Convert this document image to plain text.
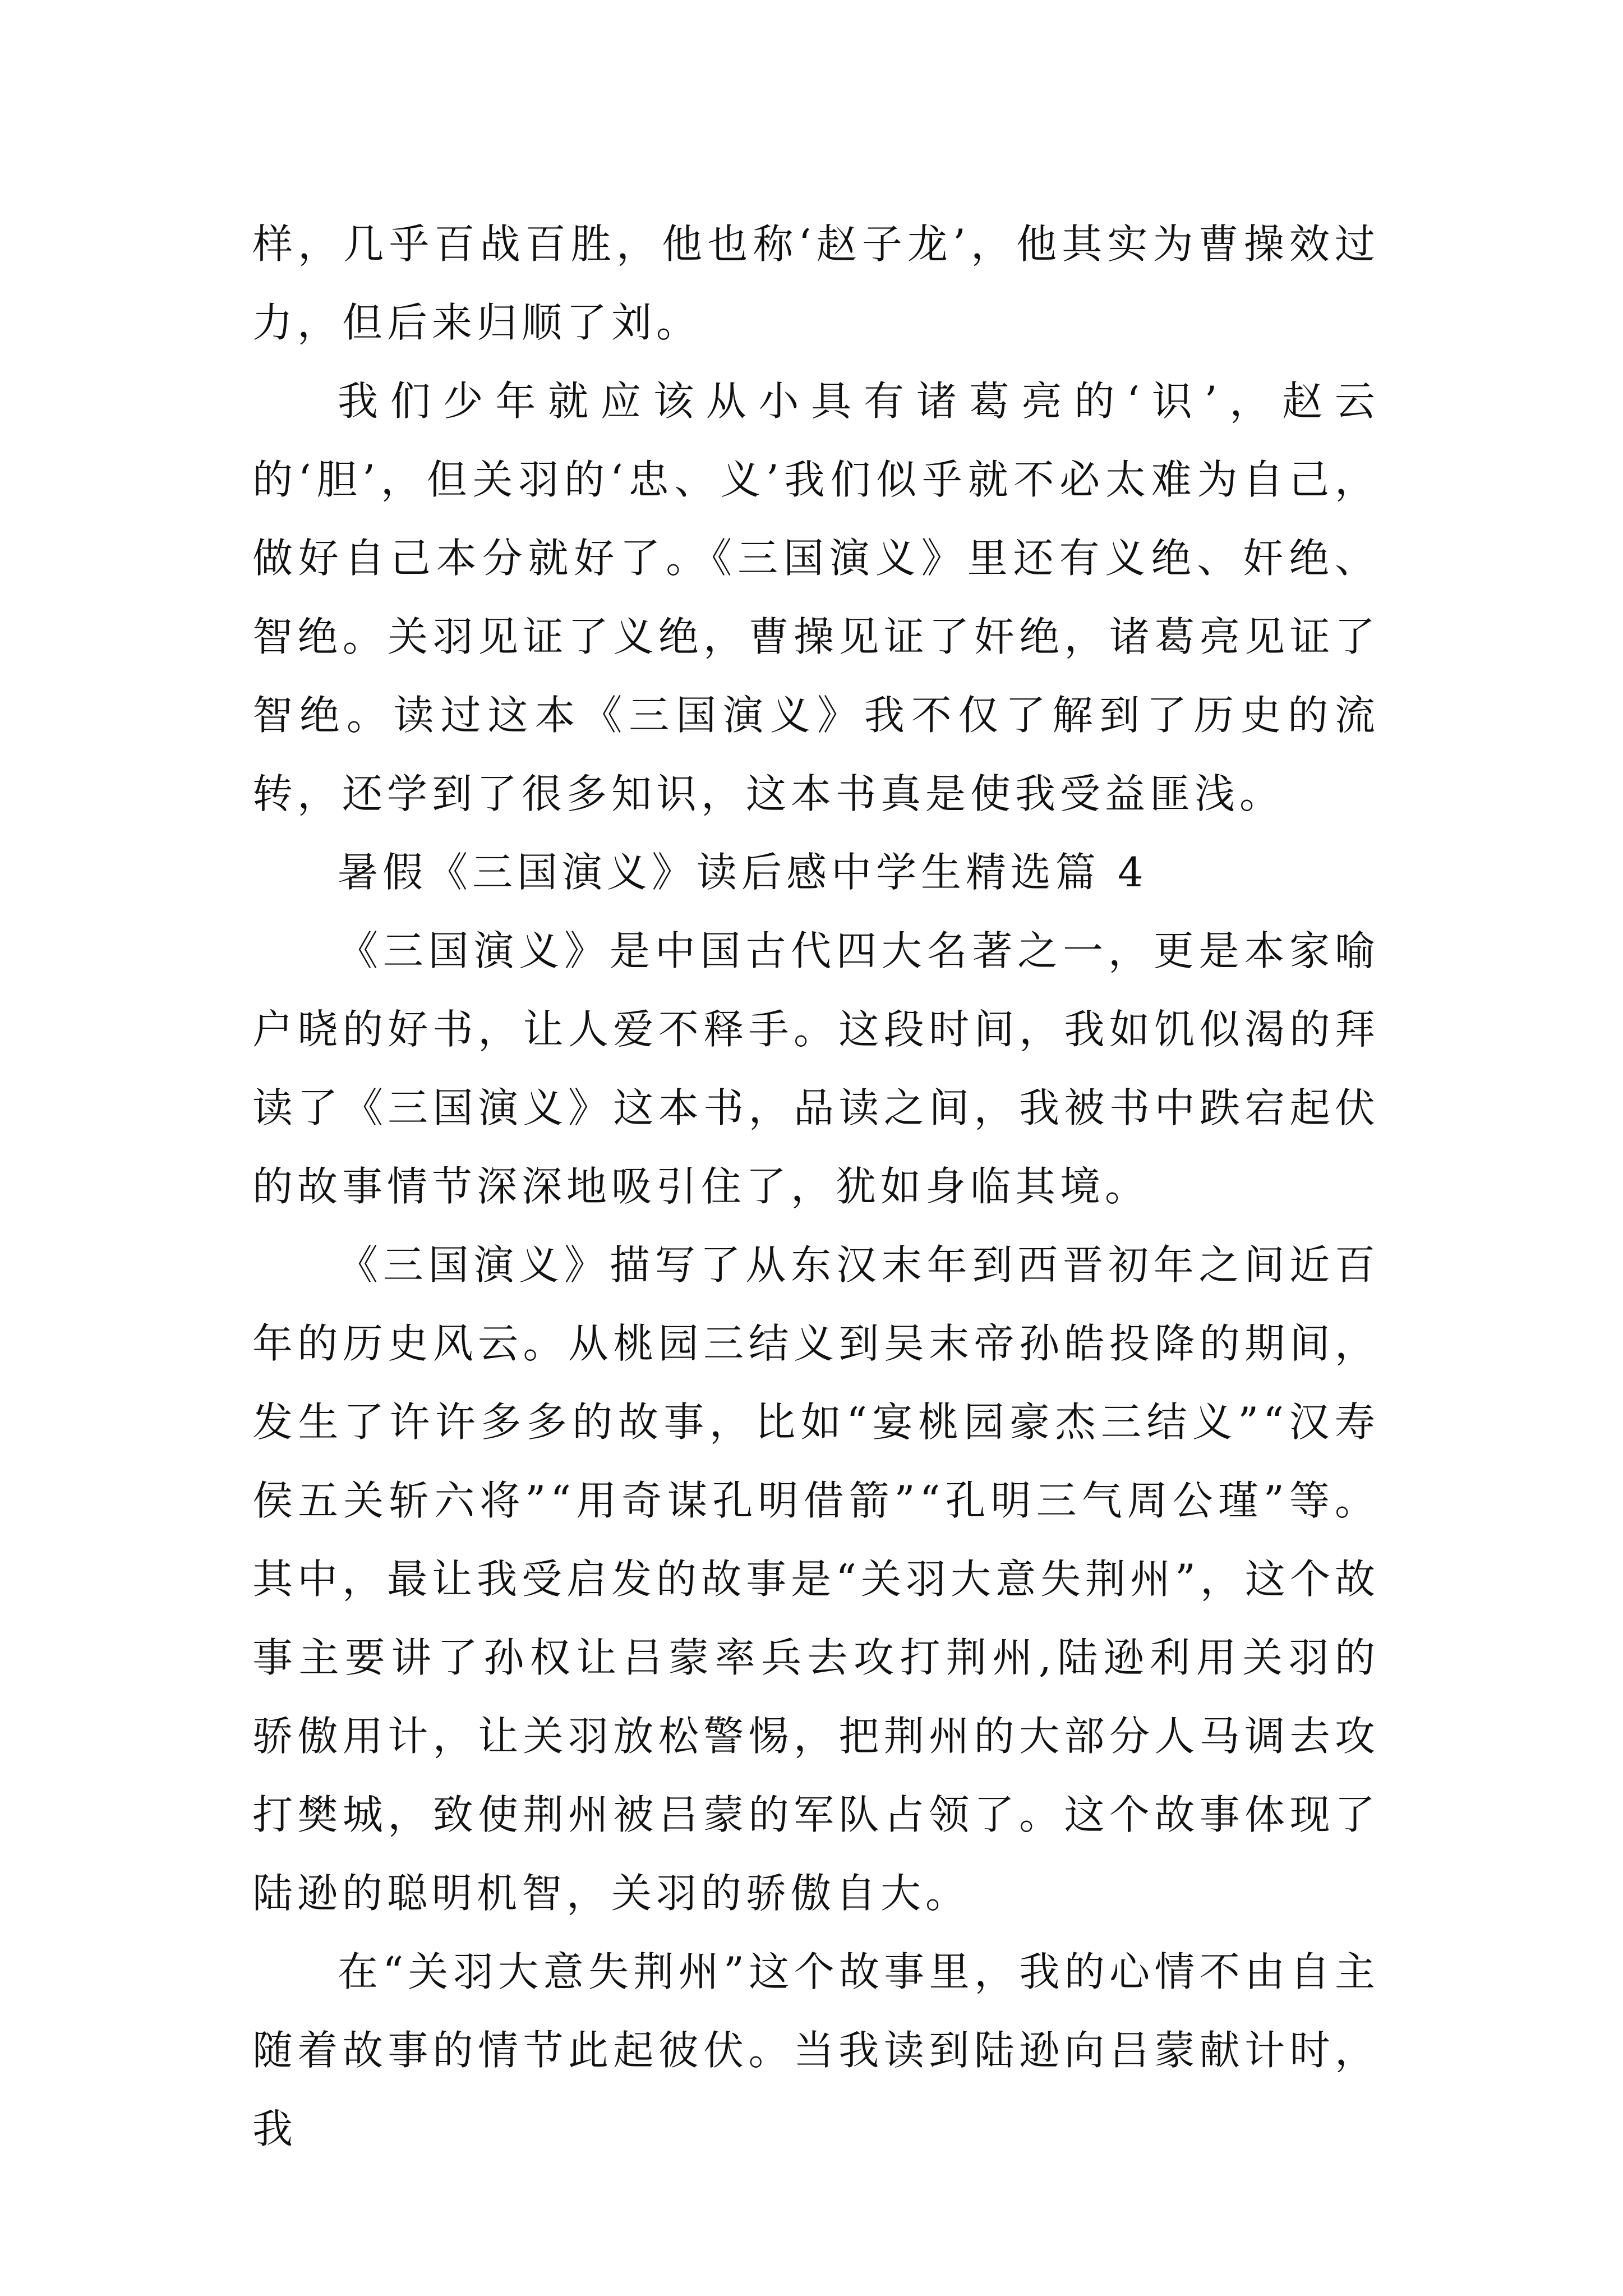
样，几乎百战百胜，他也称‘赵子龙’，他其实为曹操效过力，但后来归顺了刘。

我们少年就应该从小具有诸葛亮的‘识’，赵云的‘胆’，但关羽的‘忠、义’我们似乎就不必太难为自己，做好自己本分就好了。《三国演义》里还有义绝、奸绝、智绝。关羽见证了义绝，曹操见证了奸绝，诸葛亮见证了智绝。读过这本《三国演义》我不仅了解到了历史的流转，还学到了很多知识，这本书真是使我受益匪浅。

暑假《三国演义》读后感中学生精选篇 4

《三国演义》是中国古代四大名著之一，更是本家喻户晓的好书，让人爱不释手。这段时间，我如饥似渴的拜读了《三国演义》这本书，品读之间，我被书中跌宕起伏的故事情节深深地吸引住了，犹如身临其境。

《三国演义》描写了从东汉末年到西晋初年之间近百年的历史风云。从桃园三结义到吴末帝孙皓投降的期间，发生了许许多多的故事，比如“宴桃园豪杰三结义”“汉寿侯五关斩六将”“用奇谋孔明借箭”“孔明三气周公瑾”等。其中，最让我受启发的故事是“关羽大意失荆州”，这个故事主要讲了孙权让吕蒙率兵去攻打荆州,陆逊利用关羽的骄傲用计，让关羽放松警惕，把荆州的大部分人马调去攻打樊城，致使荆州被吕蒙的军队占领了。这个故事体现了陆逊的聪明机智，关羽的骄傲自大。

在“关羽大意失荆州”这个故事里，我的心情不由自主随着故事的情节此起彼伏。当我读到陆逊向吕蒙献计时，我
